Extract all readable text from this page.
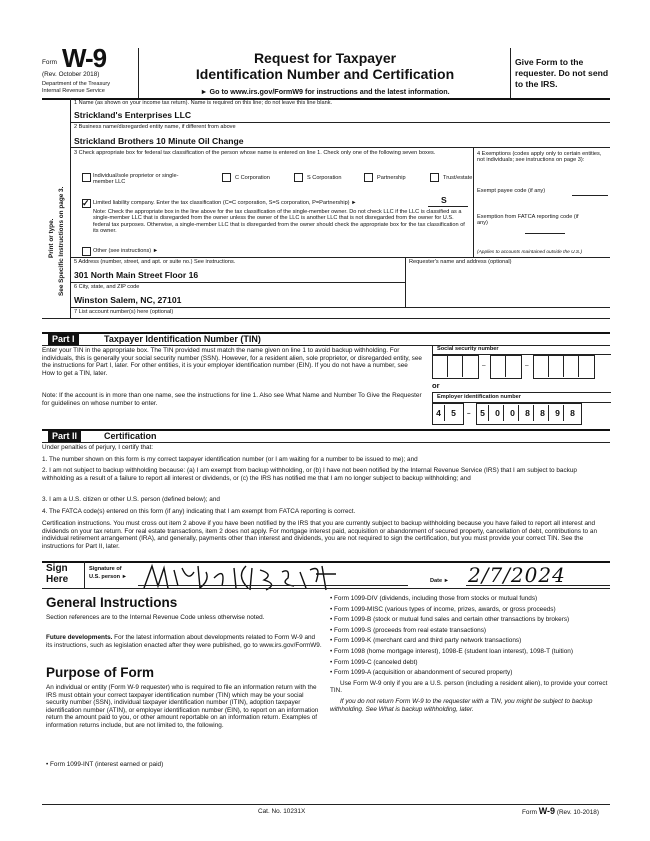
Form W-9
(Rev. October 2018)
Department of the Treasury
Internal Revenue Service
Request for Taxpayer
Identification Number and Certification
► Go to www.irs.gov/FormW9 for instructions and the latest information.
Give Form to the requester. Do not send to the IRS.
Print or type. See Specific Instructions on page 3.
1 Name (as shown on your income tax return). Name is required on this line; do not leave this line blank.
Strickland's Enterprises LLC
2 Business name/disregarded entity name, if different from above
Strickland Brothers 10 Minute Oil Change
3 Check appropriate box for federal tax classification of the person whose name is entered on line 1. Check only one of the following seven boxes.
Individual/sole proprietor or single-member LLC
C Corporation	S Corporation	Partnership	Trust/estate
✓ Limited liability company. Enter the tax classification (C=C corporation, S=S corporation, P=Partnership) ►	S
Note: Check the appropriate box in the line above for the tax classification of the single-member owner. Do not check LLC if the LLC is classified as a single-member LLC that is disregarded from the owner unless the owner of the LLC is another LLC that is not disregarded from the owner for U.S. federal tax purposes. Otherwise, a single-member LLC that is disregarded from the owner should check the appropriate box for the tax classification of its owner.
Other (see instructions) ►
4 Exemptions (codes apply only to certain entities, not individuals; see instructions on page 3):
Exempt payee code (if any)
Exemption from FATCA reporting code (if any)
(Applies to accounts maintained outside the U.S.)
5 Address (number, street, and apt. or suite no.) See instructions.
301 North Main Street Floor 16
Requester's name and address (optional)
6 City, state, and ZIP code
Winston Salem, NC, 27101
7 List account number(s) here (optional)
Part I	Taxpayer Identification Number (TIN)
Enter your TIN in the appropriate box. The TIN provided must match the name given on line 1 to avoid backup withholding. For individuals, this is generally your social security number (SSN). However, for a resident alien, sole proprietor, or disregarded entity, see the instructions for Part I, later. For other entities, it is your employer identification number (EIN). If you do not have a number, see How to get a TIN, later.
Note: If the account is in more than one name, see the instructions for line 1. Also see What Name and Number To Give the Requester for guidelines on whose number to enter.
Social security number
–	–
or
Employer identification number
4	5	–	5	0	0	8	8	9	8
Part II	Certification
Under penalties of perjury, I certify that:
1. The number shown on this form is my correct taxpayer identification number (or I am waiting for a number to be issued to me); and
2. I am not subject to backup withholding because: (a) I am exempt from backup withholding, or (b) I have not been notified by the Internal Revenue Service (IRS) that I am subject to backup withholding as a result of a failure to report all interest or dividends, or (c) the IRS has notified me that I am no longer subject to backup withholding; and
3. I am a U.S. citizen or other U.S. person (defined below); and
4. The FATCA code(s) entered on this form (if any) indicating that I am exempt from FATCA reporting is correct.
Certification instructions. You must cross out item 2 above if you have been notified by the IRS that you are currently subject to backup withholding because you have failed to report all interest and dividends on your tax return. For real estate transactions, item 2 does not apply. For mortgage interest paid, acquisition or abandonment of secured property, cancellation of debt, contributions to an individual retirement arrangement (IRA), and generally, payments other than interest and dividends, you are not required to sign the certification, but you must provide your correct TIN. See the instructions for Part II, later.
Sign
Here
Signature of
U.S. person ►
Date ► 2/7/2024
General Instructions
Section references are to the Internal Revenue Code unless otherwise noted.
Future developments. For the latest information about developments related to Form W-9 and its instructions, such as legislation enacted after they were published, go to www.irs.gov/FormW9.
Purpose of Form
An individual or entity (Form W-9 requester) who is required to file an information return with the IRS must obtain your correct taxpayer identification number (TIN) which may be your social security number (SSN), individual taxpayer identification number (ITIN), adoption taxpayer identification number (ATIN), or employer identification number (EIN), to report on an information return the amount paid to you, or other amount reportable on an information return. Examples of information returns include, but are not limited to, the following.
• Form 1099-INT (interest earned or paid)
• Form 1099-DIV (dividends, including those from stocks or mutual funds)
• Form 1099-MISC (various types of income, prizes, awards, or gross proceeds)
• Form 1099-B (stock or mutual fund sales and certain other transactions by brokers)
• Form 1099-S (proceeds from real estate transactions)
• Form 1099-K (merchant card and third party network transactions)
• Form 1098 (home mortgage interest), 1098-E (student loan interest), 1098-T (tuition)
• Form 1099-C (canceled debt)
• Form 1099-A (acquisition or abandonment of secured property)
Use Form W-9 only if you are a U.S. person (including a resident alien), to provide your correct TIN.
If you do not return Form W-9 to the requester with a TIN, you might be subject to backup withholding. See What is backup withholding, later.
Cat. No. 10231X	Form W-9 (Rev. 10-2018)
